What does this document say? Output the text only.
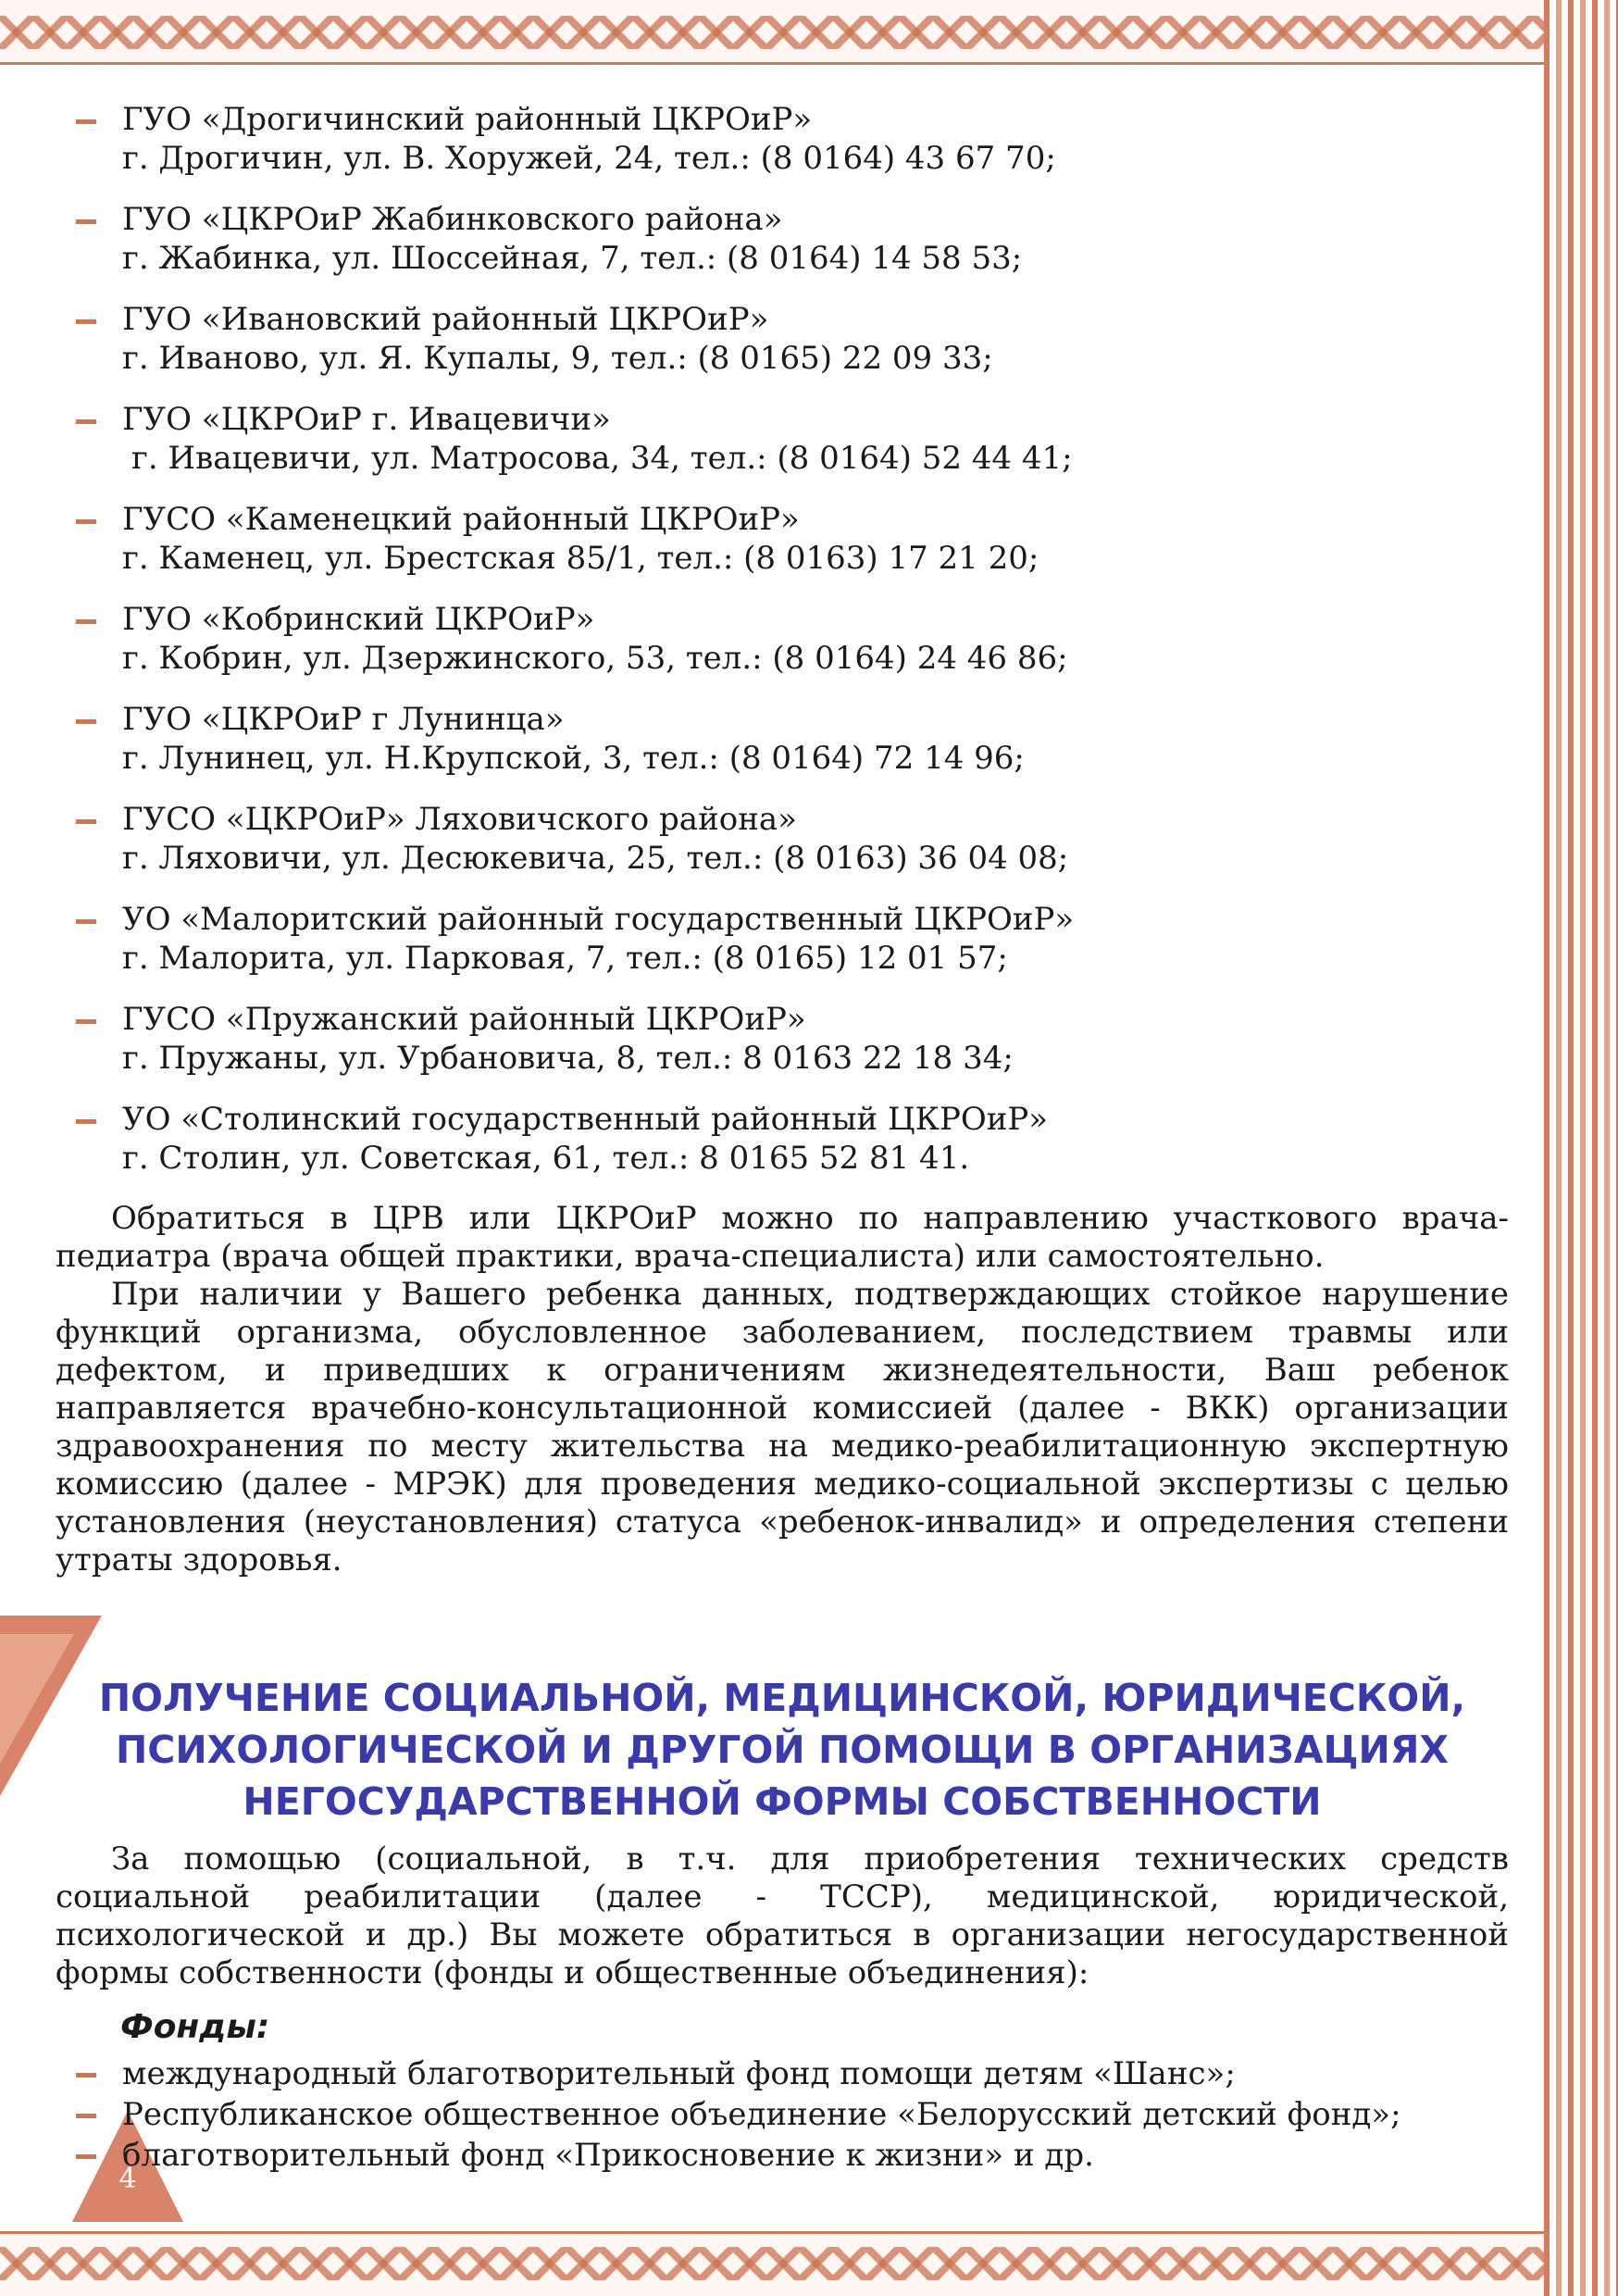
4
ГУО «Дрогичинский районный ЦКРОиР»
г. Дрогичин, ул. В. Хоружей, 24, тел.: (8 0164) 43 67 70;
ГУО «ЦКРОиР Жабинковского района»
г. Жабинка, ул. Шоссейная, 7, тел.: (8 0164) 14 58 53;
ГУО «Ивановский районный ЦКРОиР»
г. Иваново, ул. Я. Купалы, 9, тел.: (8 0165) 22 09 33;
ГУО «ЦКРОиР г. Ивацевичи»
г. Ивацевичи, ул. Матросова, 34, тел.: (8 0164) 52 44 41;
ГУСО «Каменецкий районный ЦКРОиР»
г. Каменец, ул. Брестская 85/1, тел.: (8 0163) 17 21 20;
ГУО «Кобринский ЦКРОиР»
г. Кобрин, ул. Дзержинского, 53, тел.: (8 0164) 24 46 86;
ГУО «ЦКРОиР г Лунинца»
г. Лунинец, ул. Н.Крупской, 3, тел.: (8 0164) 72 14 96;
ГУСО «ЦКРОиР» Ляховичского района»
г. Ляховичи, ул. Десюкевича, 25, тел.: (8 0163) 36 04 08;
УО «Малоритский районный государственный ЦКРОиР»
г. Малорита, ул. Парковая, 7, тел.: (8 0165) 12 01 57;
ГУСО «Пружанский районный ЦКРОиР»
г. Пружаны, ул. Урбановича, 8, тел.: 8 0163 22 18 34;
УО «Столинский государственный районный ЦКРОиР»
г. Столин, ул. Советская, 61, тел.: 8 0165 52 81 41.

Обратиться в ЦРВ или ЦКРОиР можно по направлению участкового врача-педиатра (врача общей практики, врача-специалиста) или самостоятельно.

При наличии у Вашего ребенка данных, подтверждающих стойкое нарушение функций организма, обусловленное заболеванием, последствием травмы или дефектом, и приведших к ограничениям жизнедеятельности, Ваш ребенок направляется врачебно-консультационной комиссией (далее - ВКК) организации здравоохранения по месту жительства на медико-реабилитационную экспертную комиссию (далее - МРЭК) для проведения медико-социальной экспертизы с целью установления (неустановления) статуса «ребенок-инвалид» и определения степени утраты здоровья.

ПОЛУЧЕНИЕ СОЦИАЛЬНОЙ, МЕДИЦИНСКОЙ, ЮРИДИЧЕСКОЙ,
ПСИХОЛОГИЧЕСКОЙ И ДРУГОЙ ПОМОЩИ В ОРГАНИЗАЦИЯХ
НЕГОСУДАРСТВЕННОЙ ФОРМЫ СОБСТВЕННОСТИ

За помощью (социальной, в т.ч. для приобретения технических средств социальной реабилитации (далее - ТССР), медицинской, юридической, психологической и др.) Вы можете обратиться в организации негосударственной формы собственности (фонды и общественные объединения):

Фонды:
международный благотворительный фонд помощи детям «Шанс»;
Республиканское общественное объединение «Белорусский детский фонд»;
благотворительный фонд «Прикосновение к жизни» и др.
